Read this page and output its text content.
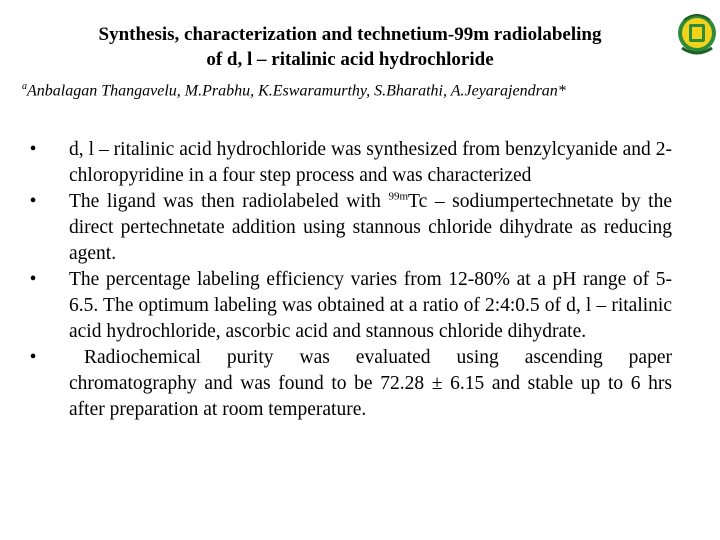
Synthesis, characterization and technetium-99m radiolabeling
of d, l – ritalinic acid hydrochloride
$^a$Anbalagan Thangavelu, M.Prabhu, K.Eswaramurthy, S.Bharathi, A.Jeyarajendran*
• d, l – ritalinic acid hydrochloride was synthesized from benzylcyanide and 2-chloropyridine in a four step process and was characterized
• The ligand was then radiolabeled with $^{99m}$Tc – sodiumpertechnetate by the direct pertechnetate addition using stannous chloride dihydrate as reducing agent.
• The percentage labeling efficiency varies from 12-80% at a pH range of 5-6.5. The optimum labeling was obtained at a ratio of 2:4:0.5 of d, l – ritalinic acid hydrochloride, ascorbic acid and stannous chloride dihydrate.
• Radiochemical purity was evaluated using ascending paper chromatography and was found to be 72.28 ± 6.15 and stable up to 6 hrs after preparation at room temperature.
